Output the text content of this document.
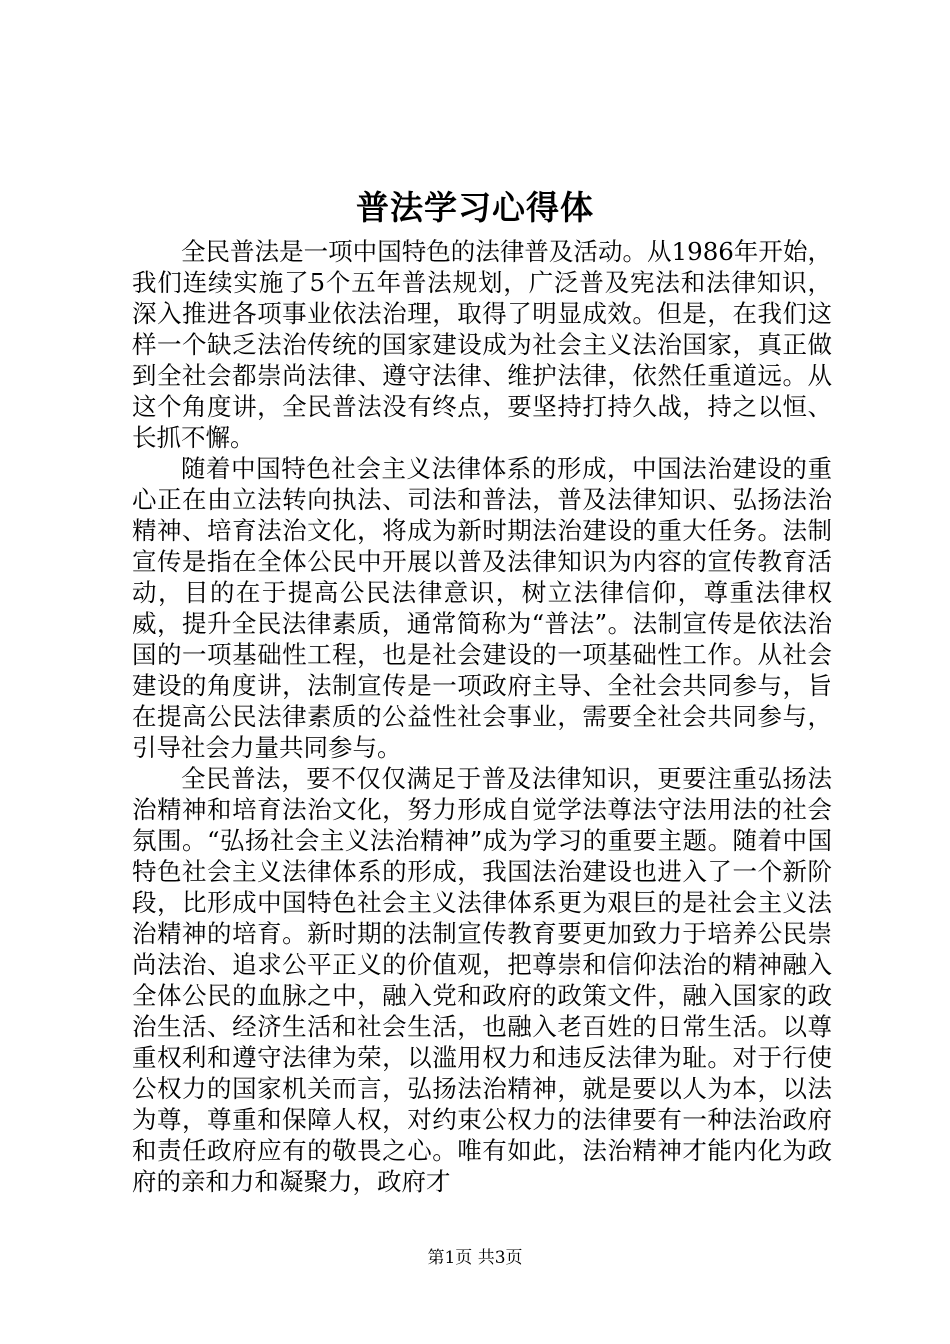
普法学习心得体

全民普法是一项中国特色的法律普及活动。从1986年开始，我们连续实施了5个五年普法规划，广泛普及宪法和法律知识，深入推进各项事业依法治理，取得了明显成效。但是，在我们这样一个缺乏法治传统的国家建设成为社会主义法治国家，真正做到全社会都崇尚法律、遵守法律、维护法律，依然任重道远。从这个角度讲，全民普法没有终点，要坚持打持久战，持之以恒、长抓不懈。

随着中国特色社会主义法律体系的形成，中国法治建设的重心正在由立法转向执法、司法和普法，普及法律知识、弘扬法治精神、培育法治文化，将成为新时期法治建设的重大任务。法制宣传是指在全体公民中开展以普及法律知识为内容的宣传教育活动，目的在于提高公民法律意识，树立法律信仰，尊重法律权威，提升全民法律素质，通常简称为“普法”。法制宣传是依法治国的一项基础性工程，也是社会建设的一项基础性工作。从社会建设的角度讲，法制宣传是一项政府主导、全社会共同参与，旨在提高公民法律素质的公益性社会事业，需要全社会共同参与，引导社会力量共同参与。

全民普法，要不仅仅满足于普及法律知识，更要注重弘扬法治精神和培育法治文化，努力形成自觉学法尊法守法用法的社会氛围。“弘扬社会主义法治精神”成为学习的重要主题。随着中国特色社会主义法律体系的形成，我国法治建设也进入了一个新阶段，比形成中国特色社会主义法律体系更为艰巨的是社会主义法治精神的培育。新时期的法制宣传教育要更加致力于培养公民崇尚法治、追求公平正义的价值观，把尊崇和信仰法治的精神融入全体公民的血脉之中，融入党和政府的政策文件，融入国家的政治生活、经济生活和社会生活，也融入老百姓的日常生活。以尊重权利和遵守法律为荣，以滥用权力和违反法律为耻。对于行使公权力的国家机关而言，弘扬法治精神，就是要以人为本，以法为尊，尊重和保障人权，对约束公权力的法律要有一种法治政府和责任政府应有的敬畏之心。唯有如此，法治精神才能内化为政府的亲和力和凝聚力，政府才

第1页 共3页
